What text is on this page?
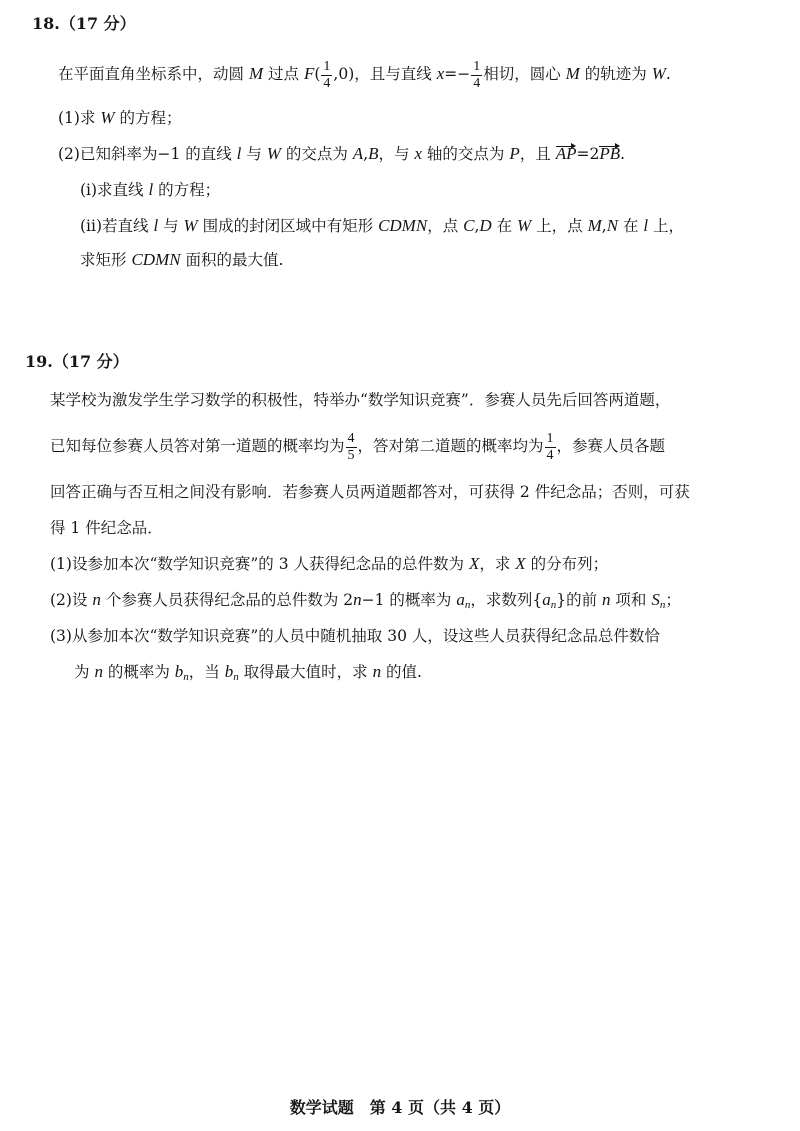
18.（17 分）
在平面直角坐标系中，动圆 M 过点 $F( \frac{1}{4} ,0)$，且与直线 $x=- \frac{1}{4}$ 相切，圆心 M 的轨迹为 W.
(1)求 W 的方程；
(2)已知斜率为−1 的直线 l 与 W 的交点为 A,B，与 x 轴的交点为 P，且 AP=2PB.
(i)求直线 l 的方程；
(ii)若直线 l 与 W 围成的封闭区域中有矩形 CDMN，点 C,D 在 W 上，点 M,N 在 l 上，
求矩形 CDMN 面积的最大值.
19.（17 分）
某学校为激发学生学习数学的积极性，特举办“数学知识竞赛”．参赛人员先后回答两道题，
已知每位参赛人员答对第一道题的概率均为 $\frac{4}{5}$ ，答对第二道题的概率均为 $\frac{1}{4}$ ，参赛人员各题
回答正确与否互相之间没有影响．若参赛人员两道题都答对，可获得 2 件纪念品；否则，可获
得 1 件纪念品．
(1)设参加本次“数学知识竞赛”的 3 人获得纪念品的总件数为 X，求 X 的分布列；
(2)设 n 个参赛人员获得纪念品的总件数为 2n−1 的概率为 $a_n$，求数列$\{a_n\}$的前 n 项和 $S_n$；
(3)从参加本次“数学知识竞赛”的人员中随机抽取 30 人，设这些人员获得纪念品总件数恰
为 n 的概率为 $b_n$，当 $b_n$ 取得最大值时，求 n 的值.
数学试题　第 4 页（共 4 页）
